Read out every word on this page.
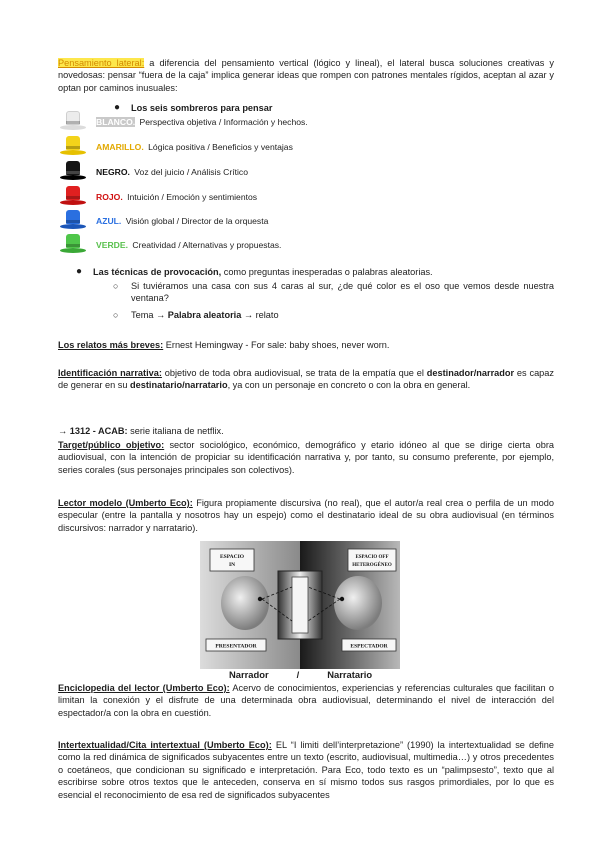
Pensamiento lateral: a diferencia del pensamiento vertical (lógico y lineal), el lateral busca soluciones creativas y novedosas: pensar “fuera de la caja” implica generar ideas que rompen con patrones mentales rígidos, aceptan al azar y optan por caminos inusuales:
● Los seis sombreros para pensar
BLANCO. Perspectiva objetiva / Información y hechos.
AMARILLO. Lógica positiva / Beneficios y ventajas
NEGRO. Voz del juicio / Análisis Crítico
ROJO. Intuición / Emoción y sentimientos
AZUL. Visión global / Director de la orquesta
VERDE. Creatividad / Alternativas y propuestas.
● Las técnicas de provocación, como preguntas inesperadas o palabras aleatorias.
○ Si tuviéramos una casa con sus 4 caras al sur, ¿de qué color es el oso que vemos desde nuestra ventana?
○ Tema → Palabra aleatoria → relato
Los relatos más breves: Ernest Hemingway - For sale: baby shoes, never worn.
Identificación narrativa: objetivo de toda obra audiovisual, se trata de la empatía que el destinador/narrador es capaz de generar en su destinatario/narratario, ya con un personaje en concreto o con la obra en general.
→ 1312 - ACAB: serie italiana de netflix.
Target/público objetivo: sector sociológico, económico, demográfico y etario idóneo al que se dirige cierta obra audiovisual, con la intención de propiciar su identificación narrativa y, por tanto, su consumo preferente, por ejemplo, series corales (sus personajes principales son colectivos).
Lector modelo (Umberto Eco): Figura propiamente discursiva (no real), que el autor/a real crea o perfila de un modo especular (entre la pantalla y nosotros hay un espejo) como el destinatario ideal de su obra audiovisual (en términos discursivos: narrador y narratario).
ESPACIO
IN
ESPACIO OFF
HETEROGÉNEO
PRESENTADOR	ESPECTADOR
Narrador     /     Narratario
Enciclopedia del lector (Umberto Eco): Acervo de conocimientos, experiencias y referencias culturales que facilitan o limitan la conexión y el disfrute de una determinada obra audiovisual, determinando el nivel de interacción del espectador/a con la obra en cuestión.
Intertextualidad/Cita intertextual (Umberto Eco): EL “I limiti dell’interpretazione” (1990) la intertextualidad se define como la red dinámica de significados subyacentes entre un texto (escrito, audiovisual, multimedia…) y otros precedentes o coetáneos, que condicionan su significado e interpretación. Para Eco, todo texto es un “palimpsesto”, texto que al escribirse sobre otros textos que le anteceden, conserva en sí mismo todos sus rasgos primordiales, por lo que es esencial el reconocimiento de esa red de significados subyacentes
